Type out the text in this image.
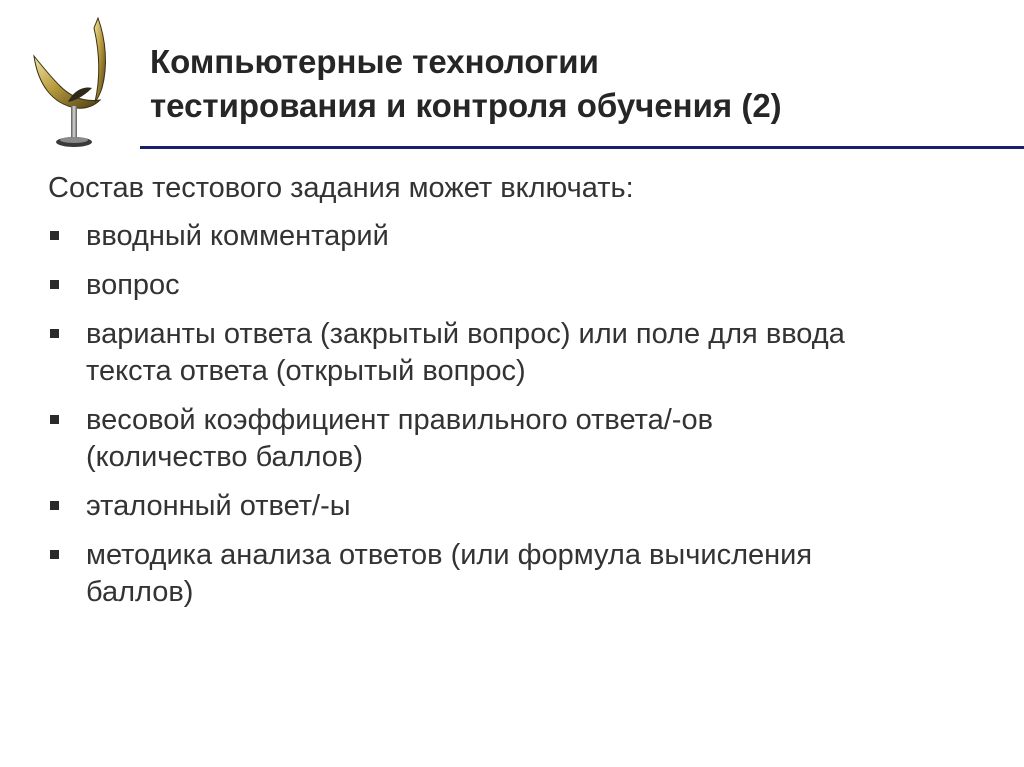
Компьютерные технологии
тестирования и контроля обучения (2)

Состав тестового задания может включать:

вводный комментарий
вопрос
варианты ответа (закрытый вопрос) или поле для ввода
текста ответа (открытый вопрос)
весовой коэффициент правильного ответа/-ов
(количество баллов)
эталонный ответ/-ы
методика анализа ответов (или формула вычисления
баллов)
